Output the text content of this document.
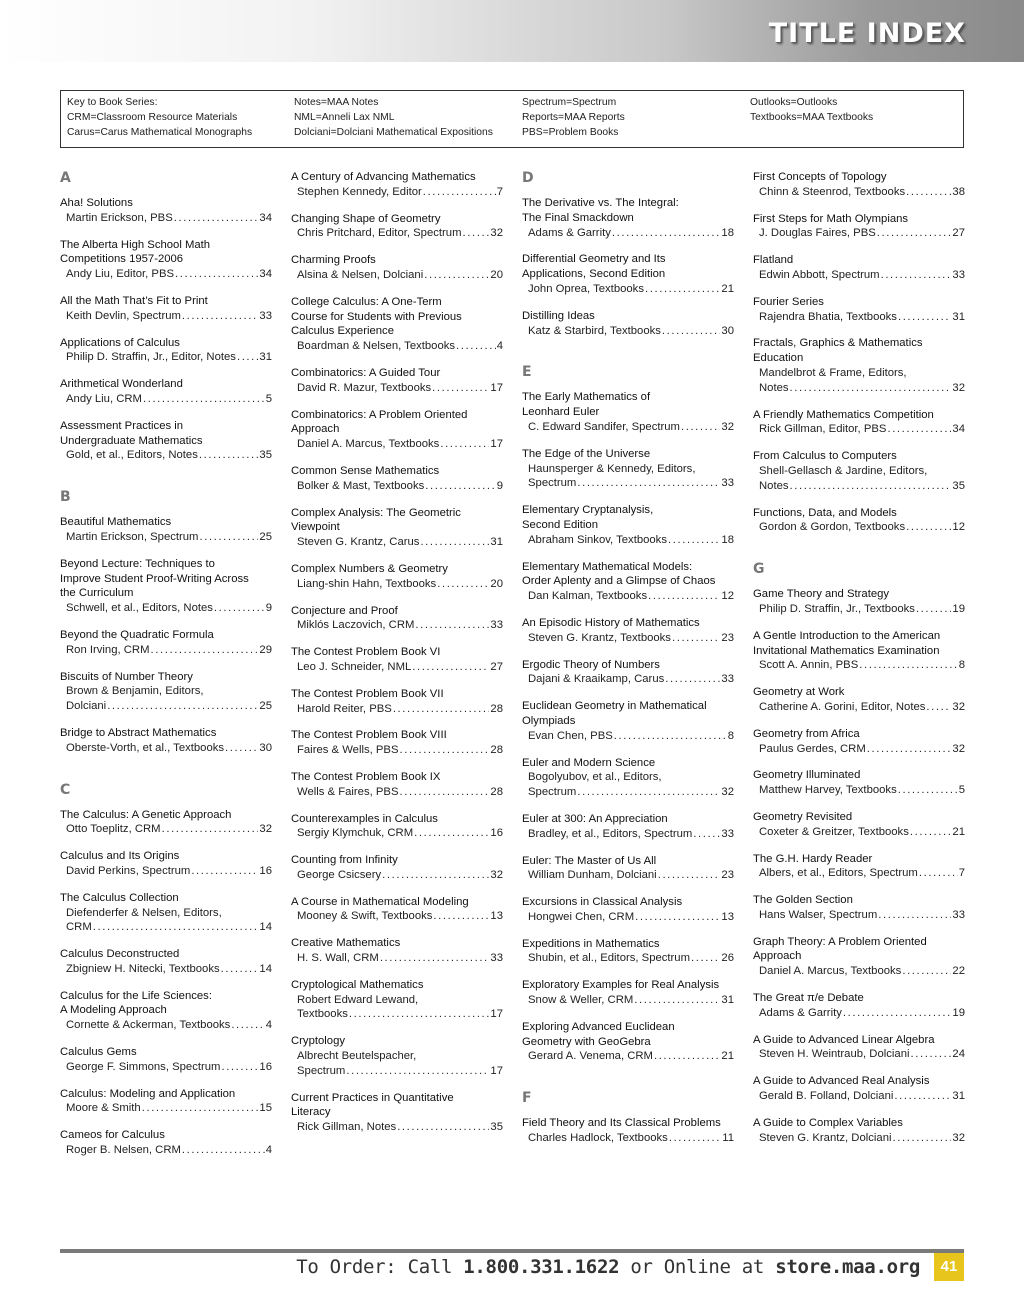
TITLE INDEX
Key to Book Series:
CRM=Classroom Resource Materials
Carus=Carus Mathematical Monographs
Notes=MAA Notes
NML=Anneli Lax NML
Dolciani=Dolciani Mathematical Expositions
Spectrum=Spectrum
Reports=MAA Reports
PBS=Problem Books
Outlooks=Outlooks
Textbooks=MAA Textbooks
A
Aha! Solutions
Martin Erickson, PBS .....	34
The Alberta High School Math
Competitions 1957-2006
Andy Liu, Editor, PBS .....	34
All the Math That’s Fit to Print
Keith Devlin, Spectrum .....	33
Applications of Calculus
Philip D. Straffin, Jr., Editor, Notes ..... 31
Arithmetical Wonderland
Andy Liu, CRM .....	5
Assessment Practices in
Undergraduate Mathematics
Gold, et al., Editors, Notes .....	35
B
Beautiful Mathematics
Martin Erickson, Spectrum .....	25
Beyond Lecture: Techniques to
Improve Student Proof-Writing Across
the Curriculum
Schwell, et al., Editors, Notes .....	9
Beyond the Quadratic Formula
Ron Irving, CRM .....	29
Biscuits of Number Theory
Brown & Benjamin, Editors,
Dolciani .....	25
Bridge to Abstract Mathematics
Oberste-Vorth, et al., Textbooks .....	30
C
The Calculus: A Genetic Approach
Otto Toeplitz, CRM .....	32
Calculus and Its Origins
David Perkins, Spectrum .....	16
The Calculus Collection
Diefenderfer & Nelsen, Editors,
CRM .....	14
Calculus Deconstructed
Zbigniew H. Nitecki, Textbooks .....	14
Calculus for the Life Sciences:
A Modeling Approach
Cornette & Ackerman, Textbooks .....	4
Calculus Gems
George F. Simmons, Spectrum .....	16
Calculus: Modeling and Application
Moore & Smith .....	15
Cameos for Calculus
Roger B. Nelsen, CRM .....	4
A Century of Advancing Mathematics
Stephen Kennedy, Editor .....	7
Changing Shape of Geometry
Chris Pritchard, Editor, Spectrum .....	32
Charming Proofs
Alsina & Nelsen, Dolciani .....	20
College Calculus: A One-Term
Course for Students with Previous
Calculus Experience
Boardman & Nelsen, Textbooks .....	4
Combinatorics: A Guided Tour
David R. Mazur, Textbooks .....	17
Combinatorics: A Problem Oriented
Approach
Daniel A. Marcus, Textbooks .....	17
Common Sense Mathematics
Bolker & Mast, Textbooks .....	9
Complex Analysis: The Geometric
Viewpoint
Steven G. Krantz, Carus .....	31
Complex Numbers & Geometry
Liang-shin Hahn, Textbooks .....	20
Conjecture and Proof
Miklós Laczovich, CRM .....	33
The Contest Problem Book VI
Leo J. Schneider, NML .....	27
The Contest Problem Book VII
Harold Reiter, PBS .....	28
The Contest Problem Book VIII
Faires & Wells, PBS .....	28
The Contest Problem Book IX
Wells & Faires, PBS .....	28
Counterexamples in Calculus
Sergiy Klymchuk, CRM .....	16
Counting from Infinity
George Csicsery .....	32
A Course in Mathematical Modeling
Mooney & Swift, Textbooks .....	13
Creative Mathematics
H. S. Wall, CRM .....	33
Cryptological Mathematics
Robert Edward Lewand,
Textbooks .....	17
Cryptology
Albrecht Beutelspacher,
Spectrum .....	17
Current Practices in Quantitative
Literacy
Rick Gillman, Notes .....	35
D
The Derivative vs. The Integral:
The Final Smackdown
Adams & Garrity .....	18
Differential Geometry and Its
Applications, Second Edition
John Oprea, Textbooks .....	21
Distilling Ideas
Katz & Starbird, Textbooks .....	30
E
The Early Mathematics of
Leonhard Euler
C. Edward Sandifer, Spectrum .....	32
The Edge of the Universe
Haunsperger & Kennedy, Editors,
Spectrum .....	33
Elementary Cryptanalysis,
Second Edition
Abraham Sinkov, Textbooks .....	18
Elementary Mathematical Models:
Order Aplenty and a Glimpse of Chaos
Dan Kalman, Textbooks .....	12
An Episodic History of Mathematics
Steven G. Krantz, Textbooks .....	23
Ergodic Theory of Numbers
Dajani & Kraaikamp, Carus .....	33
Euclidean Geometry in Mathematical
Olympiads
Evan Chen, PBS .....	8
Euler and Modern Science
Bogolyubov, et al., Editors,
Spectrum .....	32
Euler at 300: An Appreciation
Bradley, et al., Editors, Spectrum .....	33
Euler: The Master of Us All
William Dunham, Dolciani .....	23
Excursions in Classical Analysis
Hongwei Chen, CRM .....	13
Expeditions in Mathematics
Shubin, et al., Editors, Spectrum .....	26
Exploratory Examples for Real Analysis
Snow & Weller, CRM .....	31
Exploring Advanced Euclidean
Geometry with GeoGebra
Gerard A. Venema, CRM .....	21
F
Field Theory and Its Classical Problems
Charles Hadlock, Textbooks .....	11
First Concepts of Topology
Chinn & Steenrod, Textbooks .....	38
First Steps for Math Olympians
J. Douglas Faires, PBS .....	27
Flatland
Edwin Abbott, Spectrum .....	33
Fourier Series
Rajendra Bhatia, Textbooks .....	31
Fractals, Graphics & Mathematics
Education
Mandelbrot & Frame, Editors,
Notes .....	32
A Friendly Mathematics Competition
Rick Gillman, Editor, PBS .....	34
From Calculus to Computers
Shell-Gellasch & Jardine, Editors,
Notes .....	35
Functions, Data, and Models
Gordon & Gordon, Textbooks .....	12
G
Game Theory and Strategy
Philip D. Straffin, Jr., Textbooks .....	19
A Gentle Introduction to the American
Invitational Mathematics Examination
Scott A. Annin, PBS .....	8
Geometry at Work
Catherine A. Gorini, Editor, Notes ..... 32
Geometry from Africa
Paulus Gerdes, CRM .....	32
Geometry Illuminated
Matthew Harvey, Textbooks .....	5
Geometry Revisited
Coxeter & Greitzer, Textbooks .....	21
The G.H. Hardy Reader
Albers, et al., Editors, Spectrum .....	7
The Golden Section
Hans Walser, Spectrum .....	33
Graph Theory: A Problem Oriented
Approach
Daniel A. Marcus, Textbooks .....	22
The Great π/e Debate
Adams & Garrity .....	19
A Guide to Advanced Linear Algebra
Steven H. Weintraub, Dolciani .....	24
A Guide to Advanced Real Analysis
Gerald B. Folland, Dolciani .....	31
A Guide to Complex Variables
Steven G. Krantz, Dolciani .....	32
To Order: Call 1.800.331.1622 or Online at store.maa.org	41
